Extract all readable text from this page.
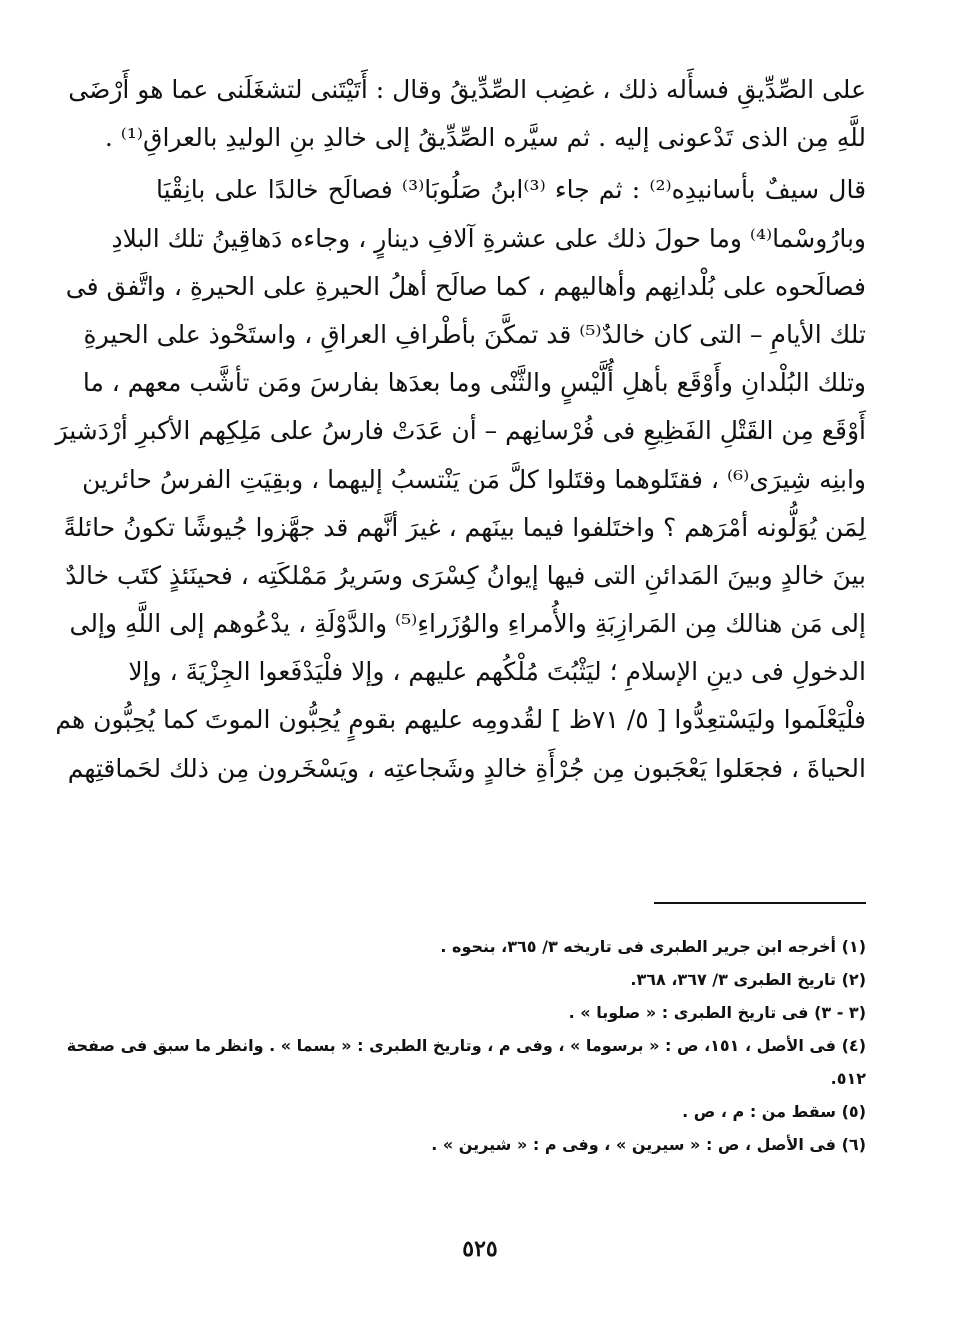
على الصِّدِّيقِ فسأَله ذلك ، غضِب الصِّدِّيقُ وقال : أَتَيْتَنى لتشغَلَنى عما هو أَرْضَى
للَّهِ مِن الذى تَدْعونى إليه . ثم سيَّره الصِّدِّيقُ إلى خالدِ بنِ الوليدِ بالعراقِ⁽¹⁾ .
قال سيفٌ بأسانيدِه⁽²⁾ : ثم جاء ⁽³⁾ابنُ صَلُوبَا⁽³⁾ فصالَح خالدًا على بانِقْيَا
وبارُوسْما⁽⁴⁾ وما حولَ ذلك على عشرةِ آلافِ دينارٍ ، وجاءه دَهاقِينُ تلك البلادِ
فصالَحوه على بُلْدانِهم وأهاليهم ، كما صالَح أهلُ الحيرةِ على الحيرةِ ، واتَّفق فى
تلك الأيامِ – التى كان خالدٌ⁽⁵⁾ قد تمكَّنَ بأطْرافِ العراقِ ، واستَحْوذ على الحيرةِ
وتلك البُلْدانِ وأَوْقَع بأهلِ أُلَّيْسٍ والثَّنْى وما بعدَها بفارسَ ومَن تأشَّب معهم ، ما
أَوْقَع مِن القَتْلِ الفَظِيعِ فى فُرْسانِهم – أن عَدَتْ فارسُ على مَلِكِهم الأكبرِ أرْدَشيرَ
وابنِه شِيرَى⁽⁶⁾ ، فقتَلوهما وقتَلوا كلَّ مَن يَنْتسبُ إليهما ، وبقِيَتِ الفرسُ حائرين
لِمَن يُوَلُّونه أمْرَهم ؟ واختَلفوا فيما بينَهم ، غيرَ أنَّهم قد جهَّزوا جُيوشًا تكونُ حائلةً
بينَ خالدٍ وبينَ المَدائنِ التى فيها إيوانُ كِسْرَى وسَريرُ مَمْلكَتِه ، فحينَئذٍ كتَب خالدٌ
إلى مَن هنالك مِن المَرازِبَةِ والأُمراءِ والوُزَراءِ⁽⁵⁾ والدَّوْلَةِ ، يدْعُوهم إلى اللَّهِ وإلى
الدخولِ فى دينِ الإسلامِ ؛ ليَثْبُتَ مُلْكُهم عليهم ، وإلا فلْيَدْفَعوا الجِزْيَةَ ، وإلا
فلْيَعْلَموا وليَسْتعِدُّوا [ ٥/ ٧١ظ ] لقُدومِه عليهم بقومٍ يُحِبُّون الموتَ كما يُحِبُّون هم
الحياةَ ، فجعَلوا يَعْجَبون مِن جُرْأَةِ خالدٍ وشَجاعتِه ، ويَسْخَرون مِن ذلك لحَماقتِهم
(١) أخرجه ابن جرير الطبرى فى تاريخه ٣/ ٣٦٥، بنحوه .
(٢) تاريخ الطبرى ٣/ ٣٦٧، ٣٦٨.
(٣ - ٣) فى تاريخ الطبرى : « صلوبا » .
(٤) فى الأصل ، ١٥١، ص : « برسوما » ، وفى م ، وتاريخ الطبرى : « بسما » . وانظر ما سبق فى صفحة
٥١٢.
(٥) سقط من : م ، ص .
(٦) فى الأصل ، ص : « سيرين » ، وفى م : « شيرين » .
٥٢٥
